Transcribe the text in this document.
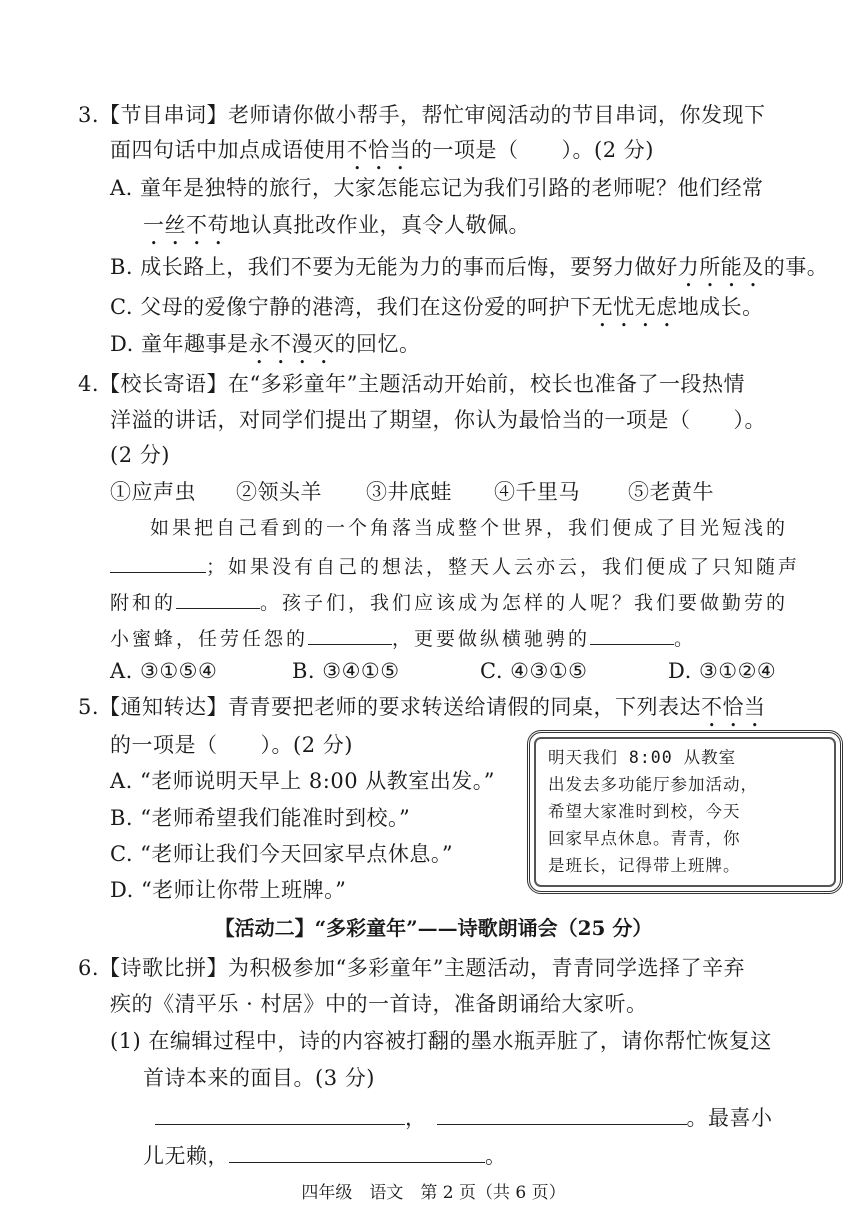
3.【节目串词】老师请你做小帮手，帮忙审阅活动的节目串词，你发现下
面四句话中加点成语使用不恰当的一项是（　　）。(2 分)
A. 童年是独特的旅行，大家怎能忘记为我们引路的老师呢？他们经常
一丝不苟地认真批改作业，真令人敬佩。
B. 成长路上，我们不要为无能为力的事而后悔，要努力做好力所能及的事。
C. 父母的爱像宁静的港湾，我们在这份爱的呵护下无忧无虑地成长。
D. 童年趣事是永不漫灭的回忆。
4.【校长寄语】在“多彩童年”主题活动开始前，校长也准备了一段热情
洋溢的讲话，对同学们提出了期望，你认为最恰当的一项是（　　）。
(2 分)
①应声虫 ②领头羊 ③井底蛙 ④千里马 ⑤老黄牛
如果把自己看到的一个角落当成整个世界，我们便成了目光短浅的
；如果没有自己的想法，整天人云亦云，我们便成了只知随声
附和的	。孩子们，我们应该成为怎样的人呢？我们要做勤劳的
小蜜蜂，任劳任怨的	，更要做纵横驰骋的	。
A. ③①⑤④	B. ③④①⑤	C. ④③①⑤	D. ③①②④
5.【通知转达】青青要把老师的要求转送给请假的同桌，下列表达不恰当
的一项是（　　）。(2 分)
A. “老师说明天早上 8:00 从教室出发。”
B. “老师希望我们能准时到校。”
C. “老师让我们今天回家早点休息。”
D. “老师让你带上班牌。”
明天我们 8:00 从教室
出发去多功能厅参加活动，
希望大家准时到校，今天
回家早点休息。青青，你
是班长，记得带上班牌。
【活动二】“多彩童年”——诗歌朗诵会（25 分）
6.【诗歌比拼】为积极参加“多彩童年”主题活动，青青同学选择了辛弃
疾的《清平乐 · 村居》中的一首诗，准备朗诵给大家听。
(1) 在编辑过程中，诗的内容被打翻的墨水瓶弄脏了，请你帮忙恢复这
首诗本来的面目。(3 分)
，	。最喜小
儿无赖，	。
四年级　语文　第 2 页（共 6 页）
